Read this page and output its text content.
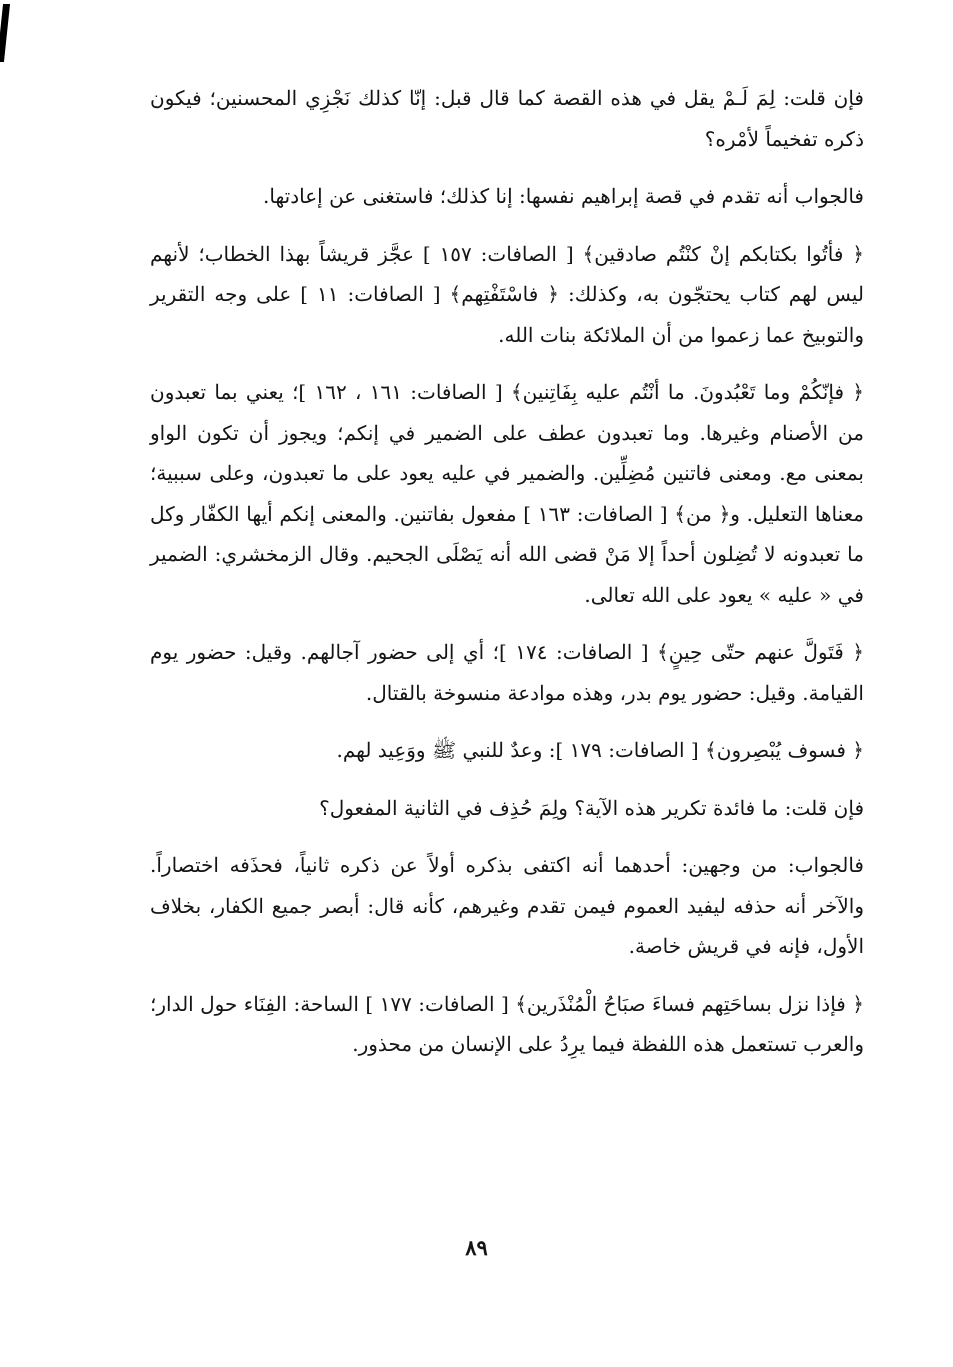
فإن قلت: لِمَ لَـمْ يقل في هذه القصة كما قال قبل: إنّا كذلك نَجْزِي المحسنين؛ فيكون ذكره تفخيماً لأمْره؟

فالجواب أنه تقدم في قصة إبراهيم نفسها: إنا كذلك؛ فاستغنى عن إعادتها.

﴿ فأتُوا بكتابكم إنْ كنْتُم صادقين﴾ [ الصافات: ١٥٧ ] عجَّز قريشاً بهذا الخطاب؛ لأنهم ليس لهم كتاب يحتجّون به، وكذلك: ﴿ فاسْتَفْتِهم﴾ [ الصافات: ١١ ] على وجه التقرير والتوبيخ عما زعموا من أن الملائكة بنات الله.

﴿ فإنّكُمْ وما تَعْبُدونَ. ما أنْتُم عليه بِفَاتِنين﴾ [ الصافات: ١٦١ ، ١٦٢ ]؛ يعني بما تعبدون من الأصنام وغيرها. وما تعبدون عطف على الضمير في إنكم؛ ويجوز أن تكون الواو بمعنى مع. ومعنى فاتنين مُضِلِّين. والضمير في عليه يعود على ما تعبدون، وعلى سببية؛ معناها التعليل. و﴿ من﴾ [ الصافات: ١٦٣ ] مفعول بفاتنين. والمعنى إنكم أيها الكفّار وكل ما تعبدونه لا تُضِلون أحداً إلا مَنْ قضى الله أنه يَصْلَى الجحيم. وقال الزمخشري: الضمير في « عليه » يعود على الله تعالى.

﴿ فَتَولَّ عنهم حتّى حِينٍ﴾ [ الصافات: ١٧٤ ]؛ أي إلى حضور آجالهم. وقيل: حضور يوم القيامة. وقيل: حضور يوم بدر، وهذه موادعة منسوخة بالقتال.

﴿ فسوف يُبْصِرون﴾ [ الصافات: ١٧٩ ]: وعدٌ للنبي ﷺ ووَعِيد لهم.

فإن قلت: ما فائدة تكرير هذه الآية؟ ولِمَ حُذِف في الثانية المفعول؟

فالجواب: من وجهين: أحدهما أنه اكتفى بذكره أولاً عن ذكره ثانياً، فحذَفه اختصاراً. والآخر أنه حذفه ليفيد العموم فيمن تقدم وغيرهم، كأنه قال: أبصر جميع الكفار، بخلاف الأول، فإنه في قريش خاصة.

﴿ فإذا نزل بساحَتِهم فساءَ صبَاحُ الْمُنْذَرين﴾ [ الصافات: ١٧٧ ] الساحة: الفِنَاء حول الدار؛ والعرب تستعمل هذه اللفظة فيما يرِدُ على الإنسان من محذور.

٨٩
